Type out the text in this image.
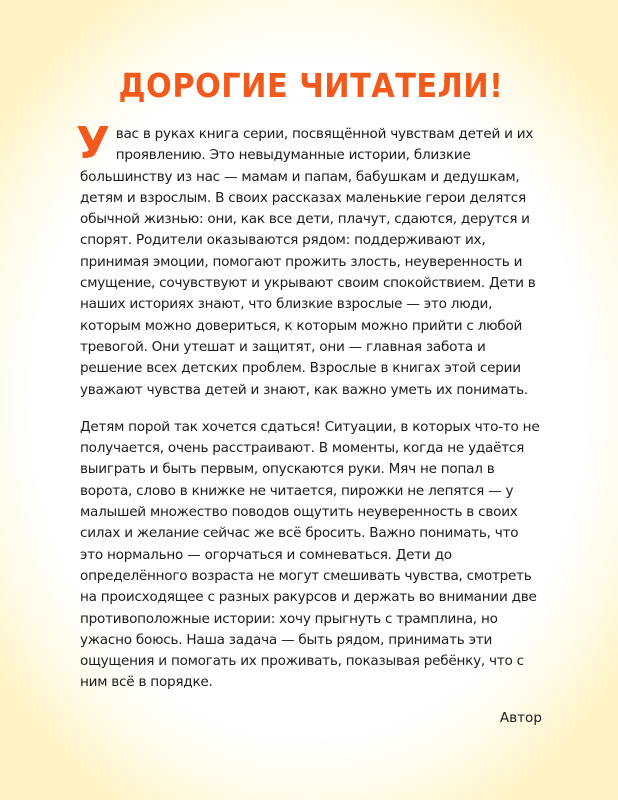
ДОРОГИЕ ЧИТАТЕЛИ!

Увас в руках книга серии, посвящённой чувствам детей и их проявлению. Это невыдуманные истории, близкие большинству из нас — мамам и папам, бабушкам и дедушкам, детям и взрослым. В своих рассказах маленькие герои делятся обычной жизнью: они, как все дети, плачут, сдаются, дерутся и спорят. Родители оказываются рядом: поддерживают их, принимая эмоции, помогают прожить злость, неуверенность и смущение, сочувствуют и укрывают своим спокойствием. Дети в наших историях знают, что близкие взрослые — это люди, которым можно довериться, к которым можно прийти с любой тревогой. Они утешат и защитят, они — главная забота и решение всех детских проблем. Взрослые в книгах этой серии уважают чувства детей и знают, как важно уметь их понимать.

Детям порой так хочется сдаться! Ситуации, в которых что-то не получается, очень расстраивают. В моменты, когда не удаётся выиграть и быть первым, опускаются руки. Мяч не попал в ворота, слово в книжке не читается, пирожки не лепятся — у малышей множество поводов ощутить неуверенность в своих силах и желание сейчас же всё бросить. Важно понимать, что это нормально — огорчаться и сомневаться. Дети до определённого возраста не могут смешивать чувства, смотреть на происходящее с разных ракурсов и держать во внимании две противоположные истории: хочу прыгнуть с трамплина, но ужасно боюсь. Наша задача — быть рядом, принимать эти ощущения и помогать их проживать, показывая ребёнку, что с ним всё в порядке.

Автор
